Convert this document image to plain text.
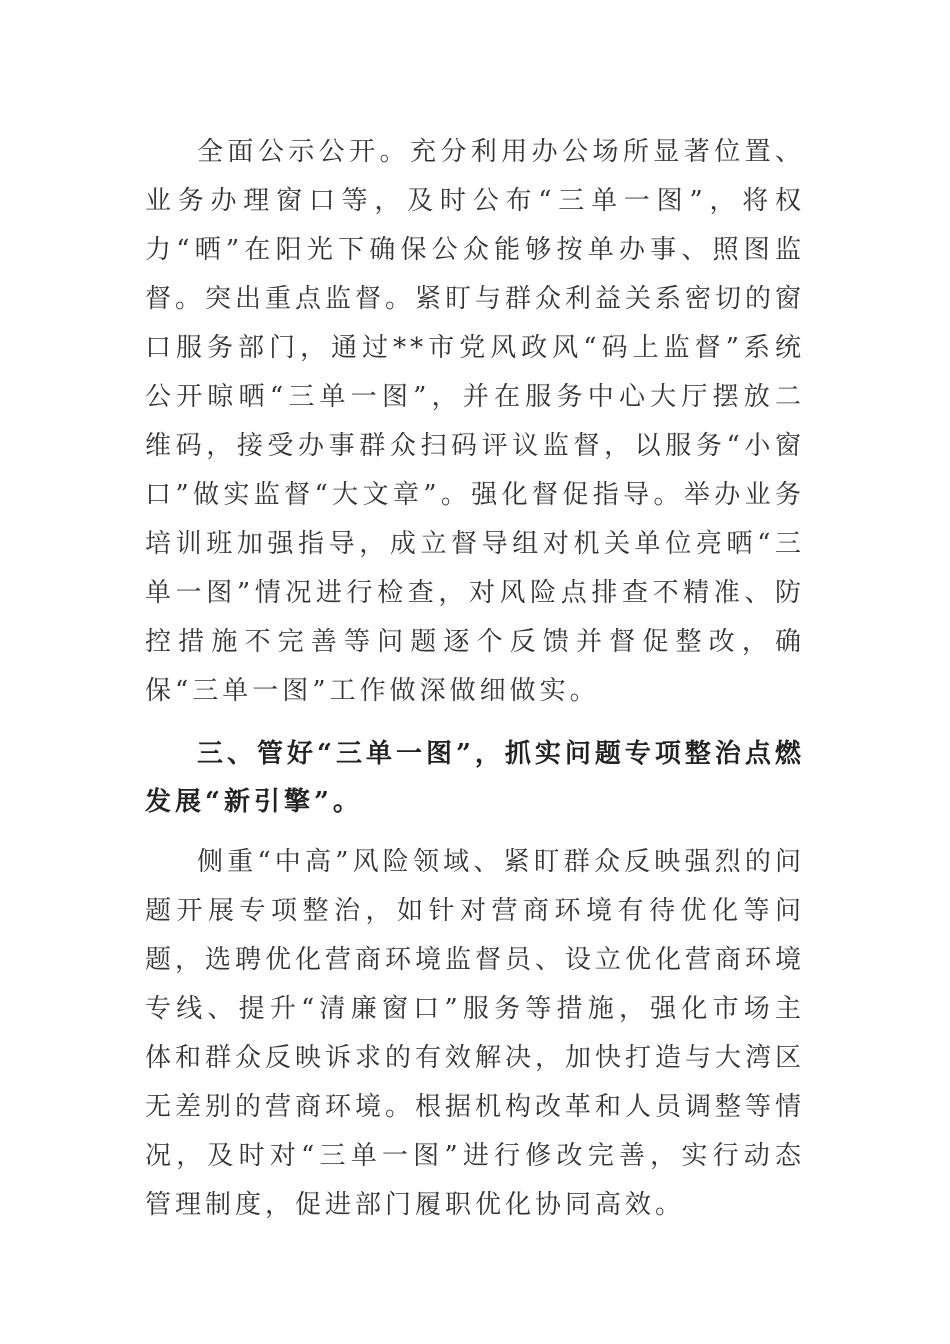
全面公示公开。充分利用办公场所显著位置、业务办理窗口等，及时公布“三单一图”，将权力“晒”在阳光下确保公众能够按单办事、照图监督。突出重点监督。紧盯与群众利益关系密切的窗口服务部门，通过**市党风政风“码上监督”系统公开晾晒“三单一图”，并在服务中心大厅摆放二维码，接受办事群众扫码评议监督，以服务“小窗口”做实监督“大文章”。强化督促指导。举办业务培训班加强指导，成立督导组对机关单位亮晒“三单一图”情况进行检查，对风险点排查不精准、防控措施不完善等问题逐个反馈并督促整改，确保“三单一图”工作做深做细做实。

三、管好“三单一图”，抓实问题专项整治点燃发展“新引擎”。

侧重“中高”风险领域、紧盯群众反映强烈的问题开展专项整治，如针对营商环境有待优化等问题，选聘优化营商环境监督员、设立优化营商环境专线、提升“清廉窗口”服务等措施，强化市场主体和群众反映诉求的有效解决，加快打造与大湾区无差别的营商环境。根据机构改革和人员调整等情况，及时对“三单一图”进行修改完善，实行动态管理制度，促进部门履职优化协同高效。
